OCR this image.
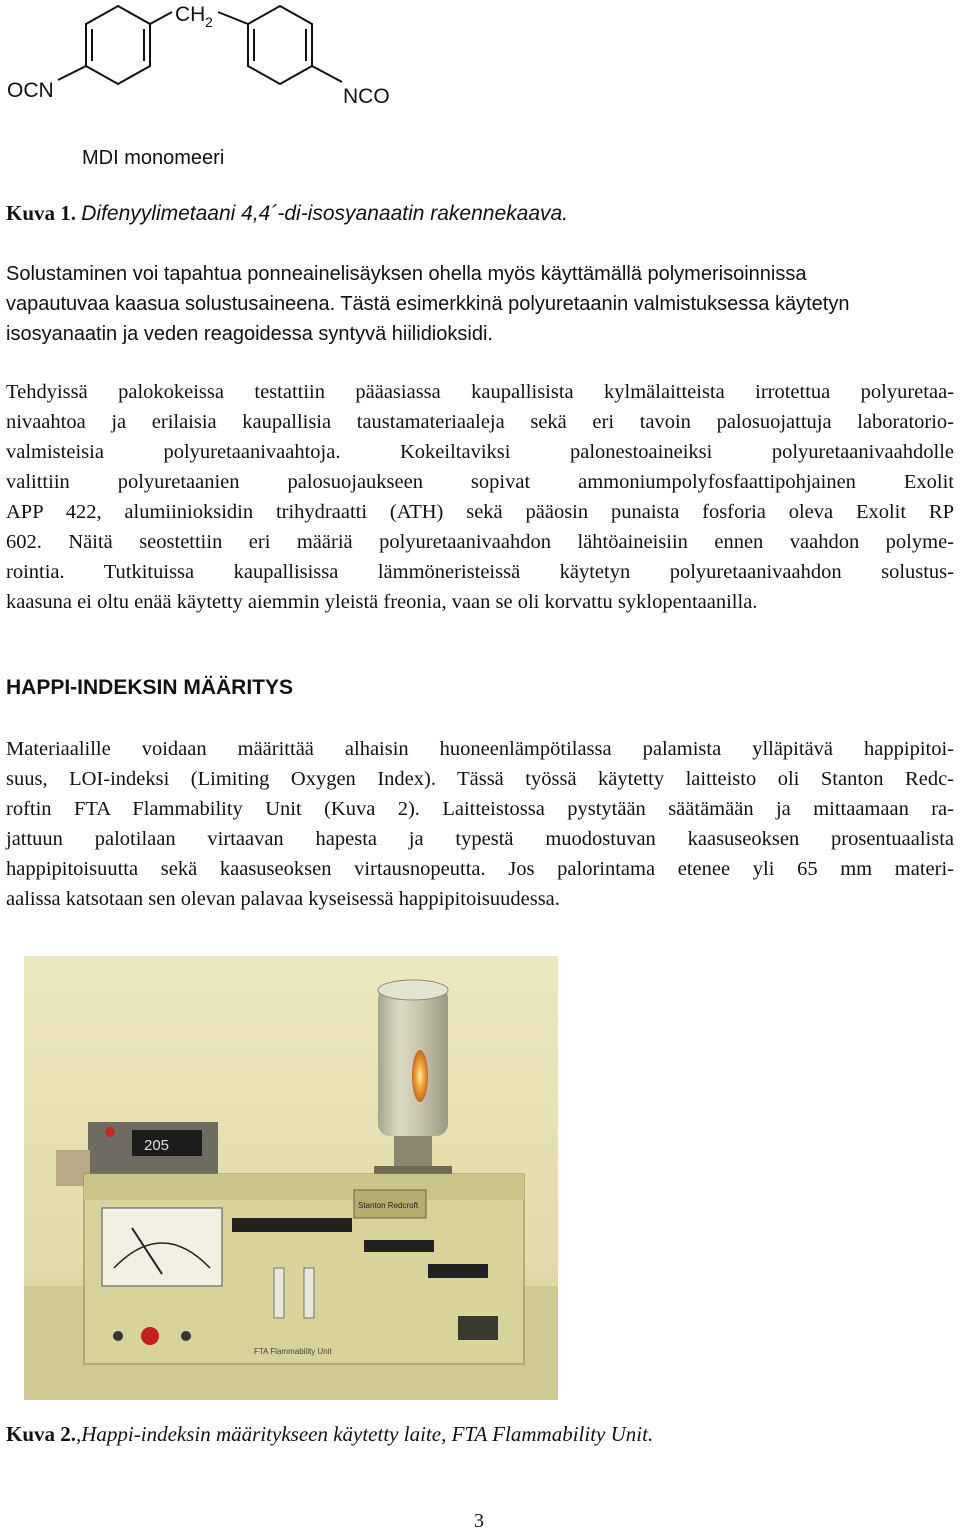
CH 2
OCN	NCO
MDI monomeeri
Kuva 1. Difenyylimetaani 4,4´-di-isosyanaatin rakennekaava.
Solustaminen voi tapahtua ponneainelisäyksen ohella myös käyttämällä polymerisoinnissa
vapautuvaa kaasua solustusaineena. Tästä esimerkkinä polyuretaanin valmistuksessa käytetyn
isosyanaatin ja veden reagoidessa syntyvä hiilidioksidi.
Tehdyissä palokokeissa testattiin pääasiassa kaupallisista kylmälaitteista irrotettua polyuretaa-
nivaahtoa ja erilaisia kaupallisia taustamateriaaleja sekä eri tavoin palosuojattuja laboratorio-
valmisteisia polyuretaanivaahtoja. Kokeiltaviksi palonestoaineiksi polyuretaanivaahdolle
valittiin polyuretaanien palosuojaukseen sopivat ammoniumpolyfosfaattipohjainen Exolit
APP 422, alumiinioksidin trihydraatti (ATH) sekä pääosin punaista fosforia oleva Exolit RP
602. Näitä seostettiin eri määriä polyuretaanivaahdon lähtöaineisiin ennen vaahdon polyme-
rointia. Tutkituissa kaupallisissa lämmöneristeissä käytetyn polyuretaanivaahdon solustus-
kaasuna ei oltu enää käytetty aiemmin yleistä freonia, vaan se oli korvattu syklopentaanilla.
HAPPI-INDEKSIN MÄÄRITYS
Materiaalille voidaan määrittää alhaisin huoneenlämpötilassa palamista ylläpitävä happipitoi-
suus, LOI-indeksi (Limiting Oxygen Index). Tässä työssä käytetty laitteisto oli Stanton Redc-
roftin FTA Flammability Unit (Kuva 2). Laitteistossa pystytään säätämään ja mittaamaan ra-
jattuun palotilaan virtaavan hapesta ja typestä muodostuvan kaasuseoksen prosentuaalista
happipitoisuutta sekä kaasuseoksen virtausnopeutta. Jos palorintama etenee yli 65 mm materi-
aalissa katsotaan sen olevan palavaa kyseisessä happipitoisuudessa.
205
Stanton Redcroft
FTA Flammability Unit
Kuva 2.,Happi-indeksin määritykseen käytetty laite, FTA Flammability Unit.
3
